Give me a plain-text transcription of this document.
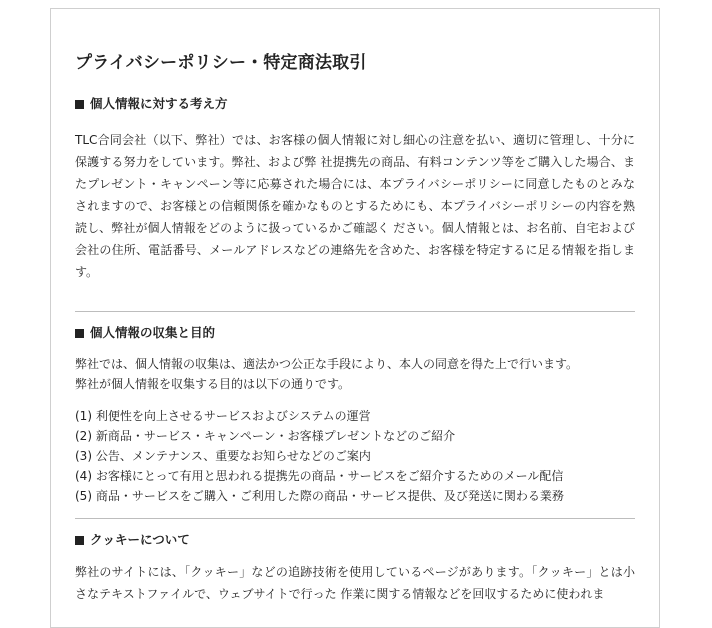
プライバシーポリシー・特定商法取引
個人情報に対する考え方

TLC合同会社（以下、弊社）では、お客様の個人情報に対し細心の注意を払い、適切に管理し、十分に保護する努力をしています。弊社、および弊 社提携先の商品、有料コンテンツ等をご購入した場合、またプレゼント・キャンペーン等に応募された場合には、本プライバシーポリシーに同意したものとみな されますので、お客様との信頼関係を確かなものとするためにも、本プライバシーポリシーの内容を熟読し、弊社が個人情報をどのように扱っているかご確認く ださい。個人情報とは、お名前、自宅および会社の住所、電話番号、メールアドレスなどの連絡先を含めた、お客様を特定するに足る情報を指します。

個人情報の収集と目的

弊社では、個人情報の収集は、適法かつ公正な手段により、本人の同意を得た上で行います。
弊社が個人情報を収集する目的は以下の通りです。

(1) 利便性を向上させるサービスおよびシステムの運営
(2) 新商品・サービス・キャンペーン・お客様プレゼントなどのご紹介
(3) 公告、メンテナンス、重要なお知らせなどのご案内
(4) お客様にとって有用と思われる提携先の商品・サービスをご紹介するためのメール配信
(5) 商品・サービスをご購入・ご利用した際の商品・サービス提供、及び発送に関わる業務
クッキーについて

弊社のサイトには、「クッキー」などの追跡技術を使用しているページがあります。「クッキー」とは小さなテキストファイルで、ウェブサイトで行った 作業に関する情報などを回収するために使われま
